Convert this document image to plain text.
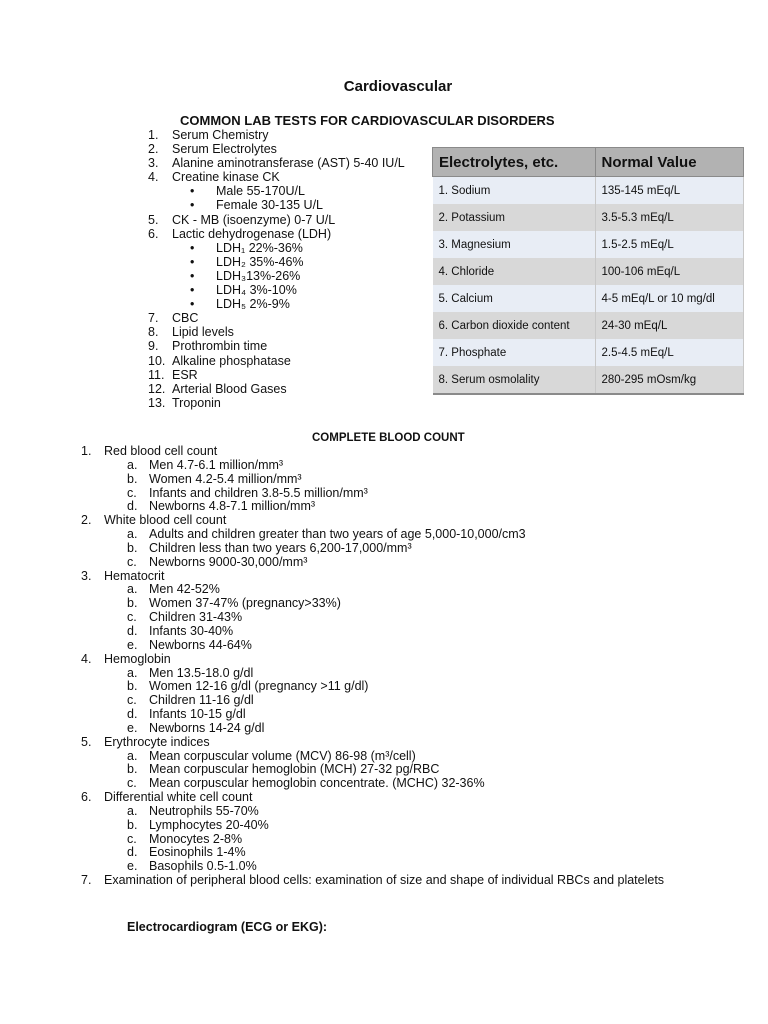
Cardiovascular
COMMON LAB TESTS FOR CARDIOVASCULAR DISORDERS
1. Serum Chemistry
2. Serum Electrolytes
3. Alanine aminotransferase (AST) 5-40 IU/L
4. Creatine kinase CK
• Male 55-170U/L
• Female 30-135 U/L
5. CK - MB (isoenzyme) 0-7 U/L
6. Lactic dehydrogenase (LDH)
• LDH₁ 22%-36%
• LDH₂ 35%-46%
• LDH₃13%-26%
• LDH₄ 3%-10%
• LDH₅ 2%-9%
7. CBC
8. Lipid levels
9. Prothrombin time
10. Alkaline phosphatase
11. ESR
12. Arterial Blood Gases
13. Troponin
Electrolytes, etc.	Normal Value
1. Sodium	135-145 mEq/L
2. Potassium	3.5-5.3 mEq/L
3. Magnesium	1.5-2.5 mEq/L
4. Chloride	100-106 mEq/L
5. Calcium	4-5 mEq/L or 10 mg/dl
6. Carbon dioxide content	24-30 mEq/L
7. Phosphate	2.5-4.5 mEq/L
8. Serum osmolality	280-295 mOsm/kg
COMPLETE BLOOD COUNT
1. Red blood cell count
a. Men 4.7-6.1 million/mm³
b. Women 4.2-5.4 million/mm³
c. Infants and children 3.8-5.5 million/mm³
d. Newborns 4.8-7.1 million/mm³
2. White blood cell count
a. Adults and children greater than two years of age 5,000-10,000/cm3
b. Children less than two years 6,200-17,000/mm³
c. Newborns 9000-30,000/mm³
3. Hematocrit
a. Men 42-52%
b. Women 37-47% (pregnancy>33%)
c. Children 31-43%
d. Infants 30-40%
e. Newborns 44-64%
4. Hemoglobin
a. Men 13.5-18.0 g/dl
b. Women 12-16 g/dl (pregnancy >11 g/dl)
c. Children 11-16 g/dl
d. Infants 10-15 g/dl
e. Newborns 14-24 g/dl
5. Erythrocyte indices
a. Mean corpuscular volume (MCV) 86-98 (m³/cell)
b. Mean corpuscular hemoglobin (MCH) 27-32 pg/RBC
c. Mean corpuscular hemoglobin concentrate. (MCHC) 32-36%
6. Differential white cell count
a. Neutrophils 55-70%
b. Lymphocytes 20-40%
c. Monocytes 2-8%
d. Eosinophils 1-4%
e. Basophils 0.5-1.0%
7. Examination of peripheral blood cells: examination of size and shape of individual RBCs and platelets
Electrocardiogram (ECG or EKG):
